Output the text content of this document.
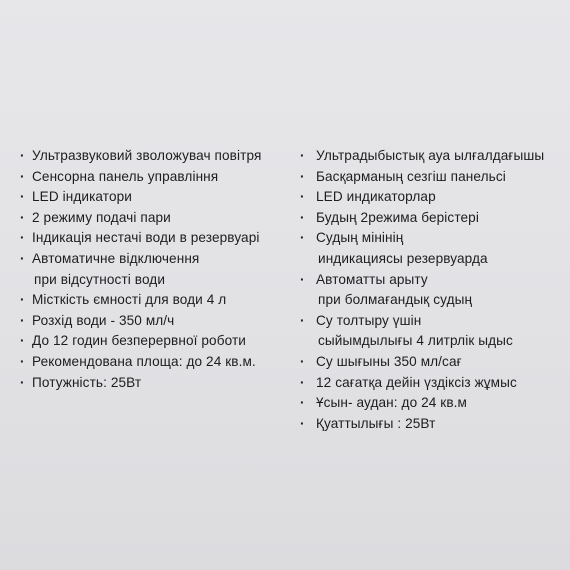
· Ультразвуковий зволожувач повітря
· Сенсорна панель управління
· LED індикатори
· 2 режиму подачі пари
· Індикація нестачі води в резервуарі
· Автоматичне відключення
при відсутності води
· Місткість ємності для води 4 л
· Розхід води - 350 мл/ч
· До 12 годин безперервної роботи
· Рекомендована площа: до 24 кв.м.
· Потужність: 25Вт
· Ультрадыбыстық ауа ылғалдағышы
· Басқарманың сезгіш панельсі
· LED индикаторлар
· Будың 2режима берістері
· Судың мінінің
индикациясы резервуарда
· Автоматты арыту
при болмағандық судың
· Су толтыру үшін
сыйымдылығы 4 литрлік ыдыс
· Су шығыны 350 мл/сағ
· 12 сағатқа дейін үздіксіз жұмыс
· Ұсын- аудан: до 24 кв.м
· Қуаттылығы : 25Вт
